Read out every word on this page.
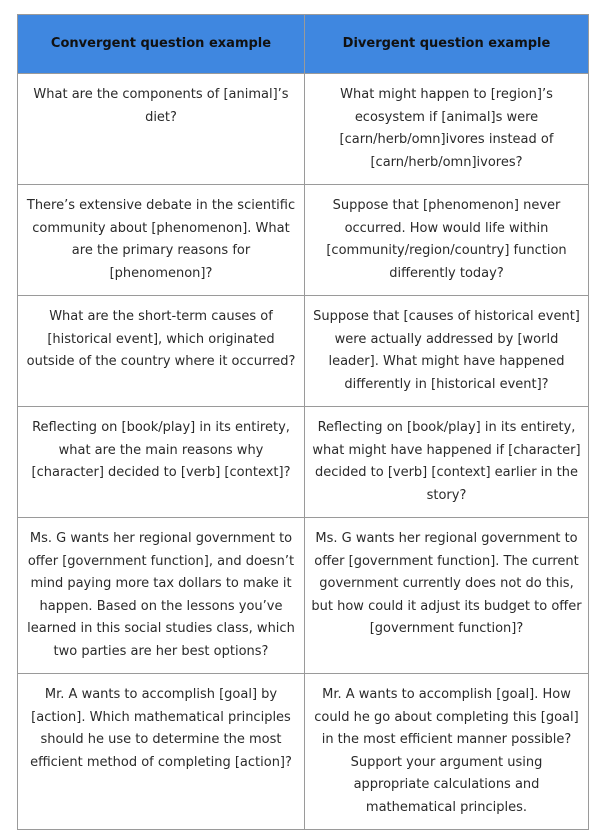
Convergent question example	Divergent question example
What are the components of [animal]’s diet?	What might happen to [region]’s ecosystem if [animal]s were [carn/herb/omn]ivores instead of [carn/herb/omn]ivores?
There’s extensive debate in the scientific community about [phenomenon]. What are the primary reasons for [phenomenon]?	Suppose that [phenomenon] never occurred. How would life within [community/region/country] function differently today?
What are the short-term causes of [historical event], which originated outside of the country where it occurred?	Suppose that [causes of historical event] were actually addressed by [world leader]. What might have happened differently in [historical event]?
Reflecting on [book/play] in its entirety, what are the main reasons why [character] decided to [verb] [context]?	Reflecting on [book/play] in its entirety, what might have happened if [character] decided to [verb] [context] earlier in the story?
Ms. G wants her regional government to offer [government function], and doesn’t mind paying more tax dollars to make it happen. Based on the lessons you’ve learned in this social studies class, which two parties are her best options?	Ms. G wants her regional government to offer [government function]. The current government currently does not do this, but how could it adjust its budget to offer [government function]?
Mr. A wants to accomplish [goal] by [action]. Which mathematical principles should he use to determine the most efficient method of completing [action]?	Mr. A wants to accomplish [goal]. How could he go about completing this [goal] in the most efficient manner possible? Support your argument using appropriate calculations and mathematical principles.
